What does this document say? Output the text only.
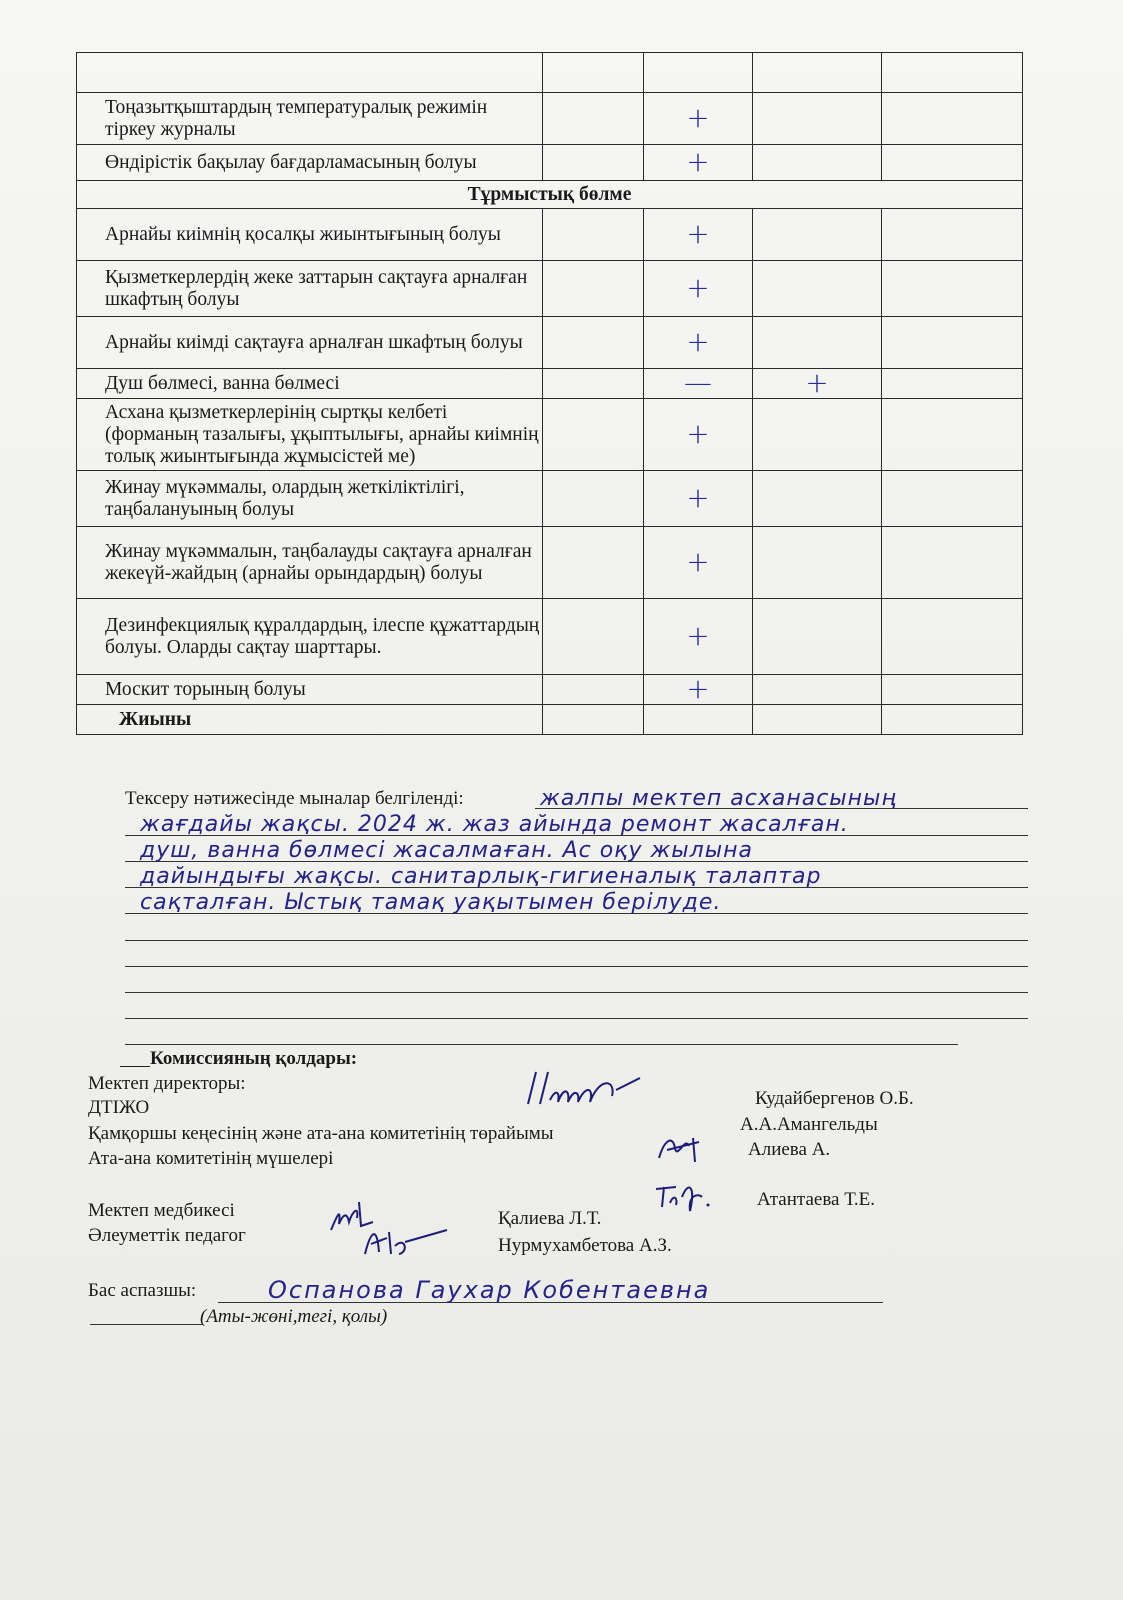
Тоңазытқыштардың температуралық режимін тіркеу журналы		+		
Өндірістік бақылау бағдарламасының болуы		+		
Тұрмыстық бөлме				
Арнайы киімнің қосалқы жиынтығының болуы		+		
Қызметкерлердің жеке заттарын сақтауға арналған шкафтың болуы		+		
Арнайы киімді сақтауға арналған шкафтың болуы		+		
Душ бөлмесі, ванна бөлмесі		—	+	
Асхана қызметкерлерінің сыртқы келбеті (форманың тазалығы, ұқыптылығы, арнайы киімнің толық жиынтығында жұмысістей ме)		+		
Жинау мүкәммалы, олардың жеткіліктілігі, таңбалануының болуы		+		
Жинау мүкәммалын, таңбалауды сақтауға арналған жекеүй-жайдың (арнайы орындардың) болуы		+		
Дезинфекциялық құралдардың, ілеспе құжаттардың болуы. Оларды сақтау шарттары.		+		
Москит торының болуы		+		
Жиыны				
Тексеру нәтижесінде мыналар белгіленді:	жалпы мектеп асханасының
жағдайы жақсы. 2024 ж. жаз айында ремонт жасалған.
душ, ванна бөлмесі жасалмаған. Ас оқу жылына
дайындығы жақсы. санитарлық-гигиеналық талаптар
сақталған. Ыстық тамақ уақытымен берілуде.
Комиссияның қолдары:
Мектеп директоры:
ДТІЖО
Қамқоршы кеңесінің және ата-ана комитетінің төрайымы
Ата-ана комитетінің мүшелері
Мектеп медбикесі
Әлеуметтік педагог
Кудайбергенов О.Б.
А.А.Амангельды
Алиева А.
Атантаева Т.Е.
Қалиева Л.Т.
Нурмухамбетова А.З.
Бас аспазшы:	Оспанова Гаухар Кобентаевна
(Аты-жөні,тегі, қолы)
